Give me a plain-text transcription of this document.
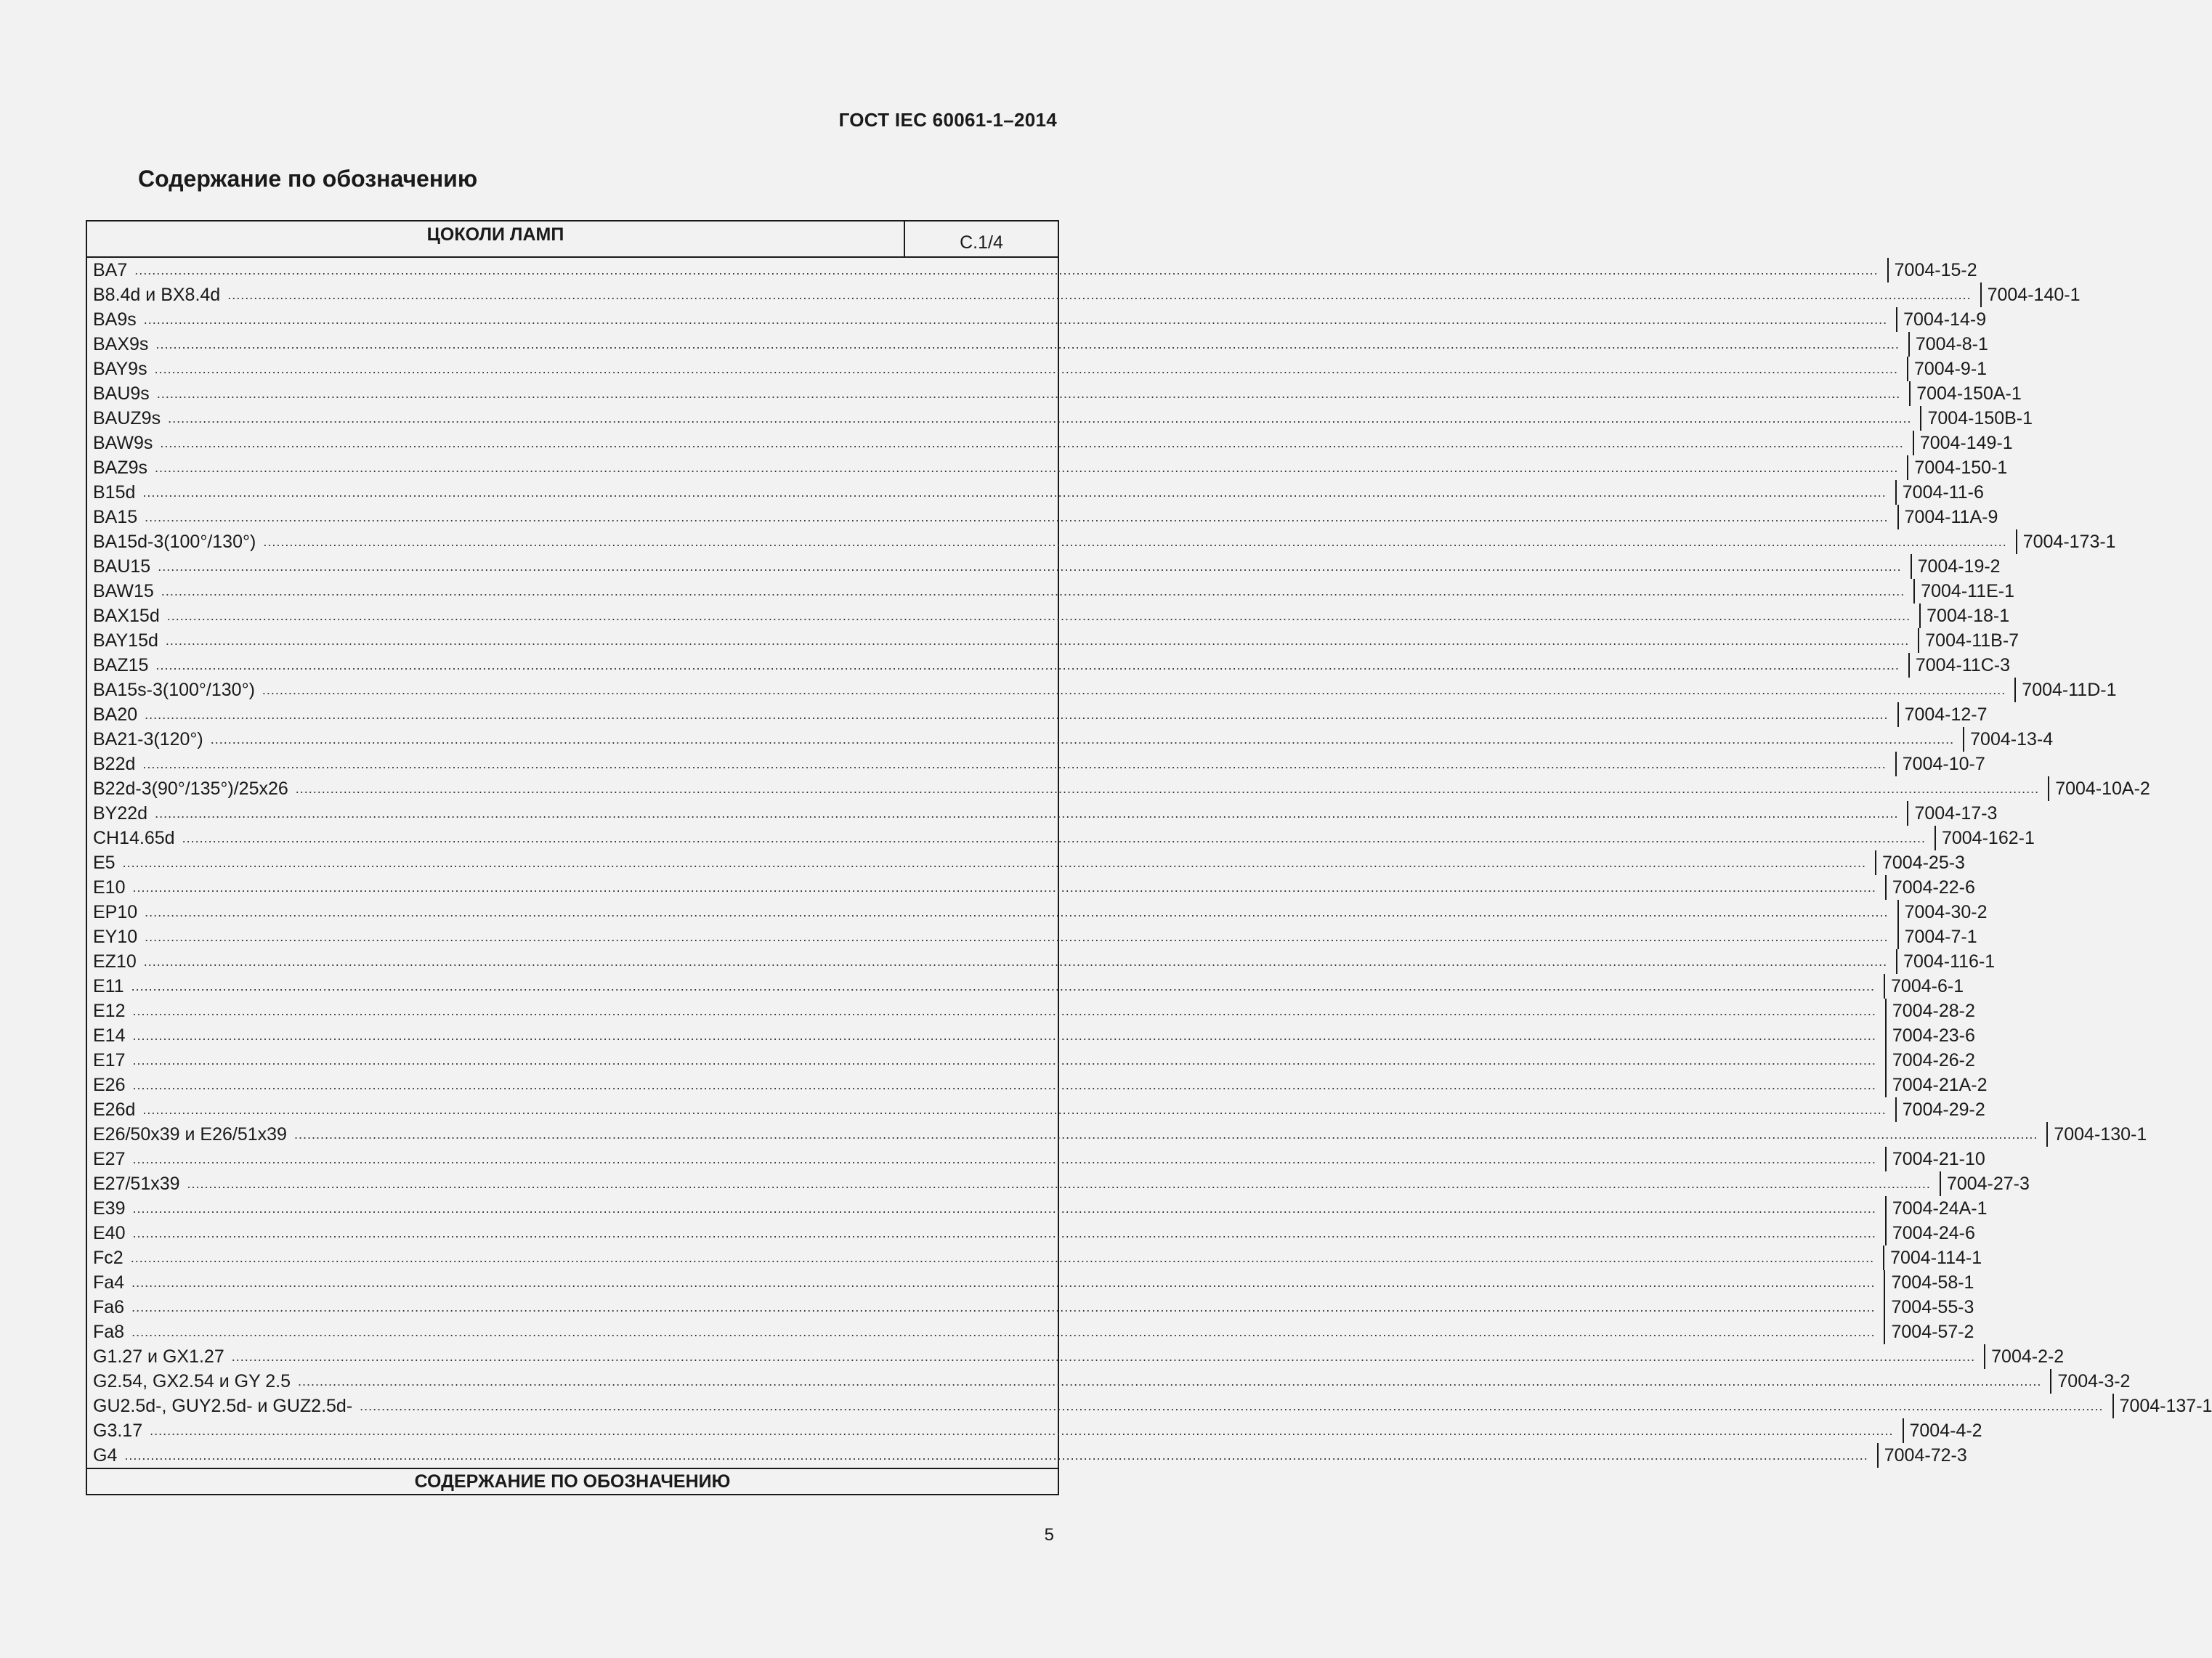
ГОСТ IEC 60061-1–2014
Содержание по обозначению
ЦОКОЛИ ЛАМП	С.1/4
BA7 ................................................................................................................................................................................................................................................................................................................................................................................................................ 7004-15-2
B8.4d и BX8.4d ................................................................................................................................................................................................................................................................................................................................................................................................................ 7004-140-1
BA9s ................................................................................................................................................................................................................................................................................................................................................................................................................ 7004-14-9
BAX9s ................................................................................................................................................................................................................................................................................................................................................................................................................ 7004-8-1
BAY9s ................................................................................................................................................................................................................................................................................................................................................................................................................ 7004-9-1
BAU9s ................................................................................................................................................................................................................................................................................................................................................................................................................ 7004-150A-1
BAUZ9s ................................................................................................................................................................................................................................................................................................................................................................................................................ 7004-150B-1
BAW9s ................................................................................................................................................................................................................................................................................................................................................................................................................ 7004-149-1
BAZ9s ................................................................................................................................................................................................................................................................................................................................................................................................................ 7004-150-1
B15d ................................................................................................................................................................................................................................................................................................................................................................................................................ 7004-11-6
BA15 ................................................................................................................................................................................................................................................................................................................................................................................................................ 7004-11A-9
BA15d-3(100°/130°) ................................................................................................................................................................................................................................................................................................................................................................................................................ 7004-173-1
BAU15 ................................................................................................................................................................................................................................................................................................................................................................................................................ 7004-19-2
BAW15 ................................................................................................................................................................................................................................................................................................................................................................................................................ 7004-11E-1
BAX15d ................................................................................................................................................................................................................................................................................................................................................................................................................ 7004-18-1
BAY15d ................................................................................................................................................................................................................................................................................................................................................................................................................ 7004-11B-7
BAZ15 ................................................................................................................................................................................................................................................................................................................................................................................................................ 7004-11C-3
BA15s-3(100°/130°) ................................................................................................................................................................................................................................................................................................................................................................................................................ 7004-11D-1
BA20 ................................................................................................................................................................................................................................................................................................................................................................................................................ 7004-12-7
BA21-3(120°) ................................................................................................................................................................................................................................................................................................................................................................................................................ 7004-13-4
B22d ................................................................................................................................................................................................................................................................................................................................................................................................................ 7004-10-7
B22d-3(90°/135°)/25x26 ................................................................................................................................................................................................................................................................................................................................................................................................................ 7004-10A-2
BY22d ................................................................................................................................................................................................................................................................................................................................................................................................................ 7004-17-3
CH14.65d ................................................................................................................................................................................................................................................................................................................................................................................................................ 7004-162-1
E5 ................................................................................................................................................................................................................................................................................................................................................................................................................ 7004-25-3
E10 ................................................................................................................................................................................................................................................................................................................................................................................................................ 7004-22-6
EP10 ................................................................................................................................................................................................................................................................................................................................................................................................................ 7004-30-2
EY10 ................................................................................................................................................................................................................................................................................................................................................................................................................ 7004-7-1
EZ10 ................................................................................................................................................................................................................................................................................................................................................................................................................ 7004-116-1
E11 ................................................................................................................................................................................................................................................................................................................................................................................................................ 7004-6-1
E12 ................................................................................................................................................................................................................................................................................................................................................................................................................ 7004-28-2
E14 ................................................................................................................................................................................................................................................................................................................................................................................................................ 7004-23-6
E17 ................................................................................................................................................................................................................................................................................................................................................................................................................ 7004-26-2
E26 ................................................................................................................................................................................................................................................................................................................................................................................................................ 7004-21A-2
E26d ................................................................................................................................................................................................................................................................................................................................................................................................................ 7004-29-2
E26/50x39 и E26/51x39 ................................................................................................................................................................................................................................................................................................................................................................................................................ 7004-130-1
E27 ................................................................................................................................................................................................................................................................................................................................................................................................................ 7004-21-10
E27/51x39 ................................................................................................................................................................................................................................................................................................................................................................................................................ 7004-27-3
E39 ................................................................................................................................................................................................................................................................................................................................................................................................................ 7004-24A-1
E40 ................................................................................................................................................................................................................................................................................................................................................................................................................ 7004-24-6
Fc2 ................................................................................................................................................................................................................................................................................................................................................................................................................ 7004-114-1
Fa4 ................................................................................................................................................................................................................................................................................................................................................................................................................ 7004-58-1
Fa6 ................................................................................................................................................................................................................................................................................................................................................................................................................ 7004-55-3
Fa8 ................................................................................................................................................................................................................................................................................................................................................................................................................ 7004-57-2
G1.27 и GX1.27 ................................................................................................................................................................................................................................................................................................................................................................................................................ 7004-2-2
G2.54, GX2.54 и GY 2.5 ................................................................................................................................................................................................................................................................................................................................................................................................................ 7004-3-2
GU2.5d-, GUY2.5d- и GUZ2.5d- ................................................................................................................................................................................................................................................................................................................................................................................................................ 7004-137-1
G3.17 ................................................................................................................................................................................................................................................................................................................................................................................................................ 7004-4-2
G4 ................................................................................................................................................................................................................................................................................................................................................................................................................ 7004-72-3
СОДЕРЖАНИЕ ПО ОБОЗНАЧЕНИЮ
5
